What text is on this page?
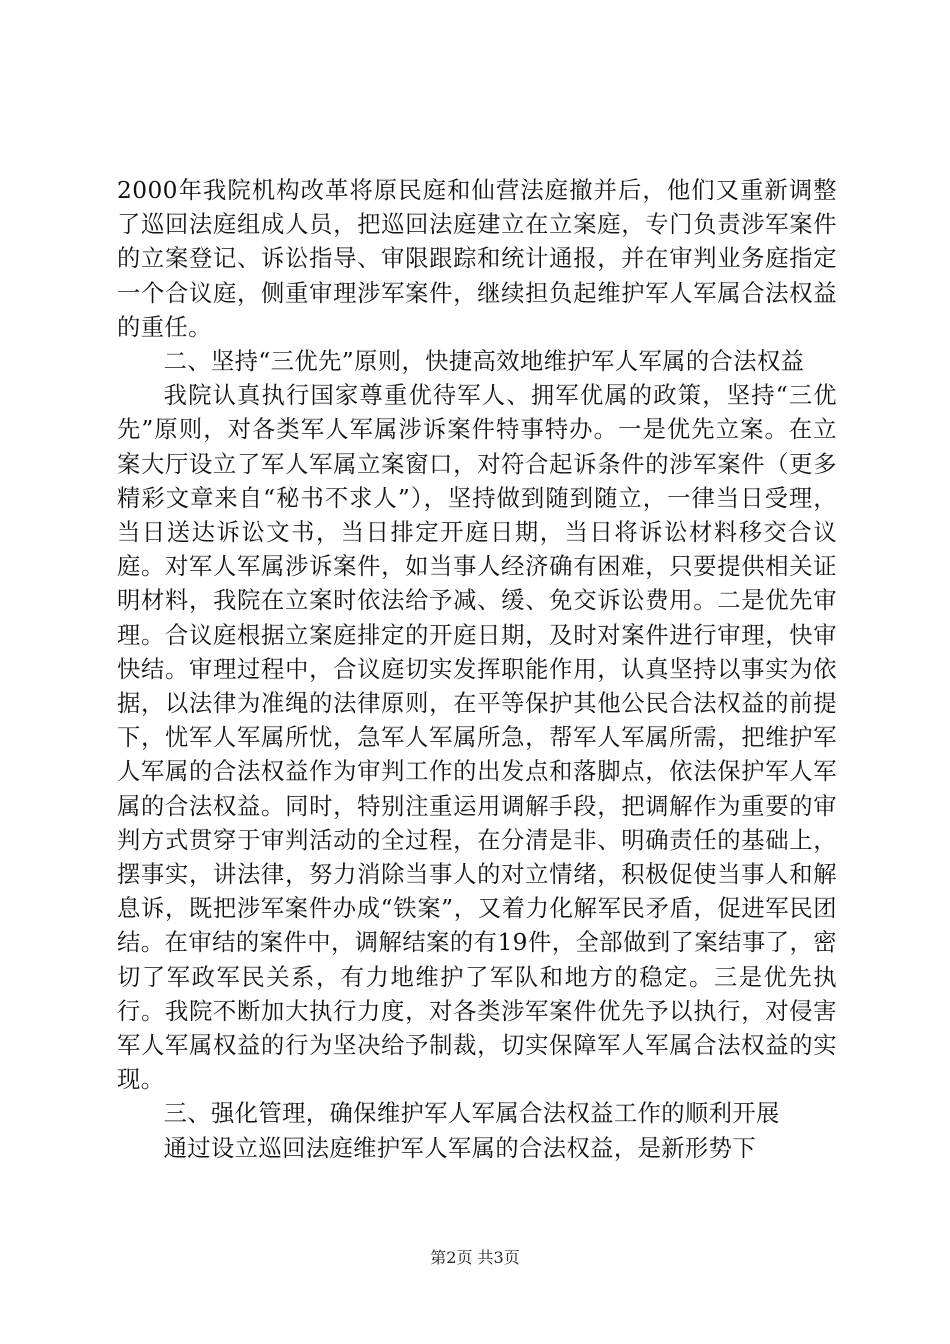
2000年我院机构改革将原民庭和仙营法庭撤并后，他们又重新调整了巡回法庭组成人员，把巡回法庭建立在立案庭，专门负责涉军案件的立案登记、诉讼指导、审限跟踪和统计通报，并在审判业务庭指定一个合议庭，侧重审理涉军案件，继续担负起维护军人军属合法权益的重任。

二、坚持“三优先”原则，快捷高效地维护军人军属的合法权益

我院认真执行国家尊重优待军人、拥军优属的政策，坚持“三优先”原则，对各类军人军属涉诉案件特事特办。一是优先立案。在立案大厅设立了军人军属立案窗口，对符合起诉条件的涉军案件（更多精彩文章来自“秘书不求人”），坚持做到随到随立，一律当日受理，当日送达诉讼文书，当日排定开庭日期，当日将诉讼材料移交合议庭。对军人军属涉诉案件，如当事人经济确有困难，只要提供相关证明材料，我院在立案时依法给予减、缓、免交诉讼费用。二是优先审理。合议庭根据立案庭排定的开庭日期，及时对案件进行审理，快审快结。审理过程中，合议庭切实发挥职能作用，认真坚持以事实为依据，以法律为准绳的法律原则，在平等保护其他公民合法权益的前提下，忧军人军属所忧，急军人军属所急，帮军人军属所需，把维护军人军属的合法权益作为审判工作的出发点和落脚点，依法保护军人军属的合法权益。同时，特别注重运用调解手段，把调解作为重要的审判方式贯穿于审判活动的全过程，在分清是非、明确责任的基础上，摆事实，讲法律，努力消除当事人的对立情绪，积极促使当事人和解息诉，既把涉军案件办成“铁案”，又着力化解军民矛盾，促进军民团结。在审结的案件中，调解结案的有19件，全部做到了案结事了，密切了军政军民关系，有力地维护了军队和地方的稳定。三是优先执行。我院不断加大执行力度，对各类涉军案件优先予以执行，对侵害军人军属权益的行为坚决给予制裁，切实保障军人军属合法权益的实现。

三、强化管理，确保维护军人军属合法权益工作的顺利开展

通过设立巡回法庭维护军人军属的合法权益，是新形势下

第2页 共3页
